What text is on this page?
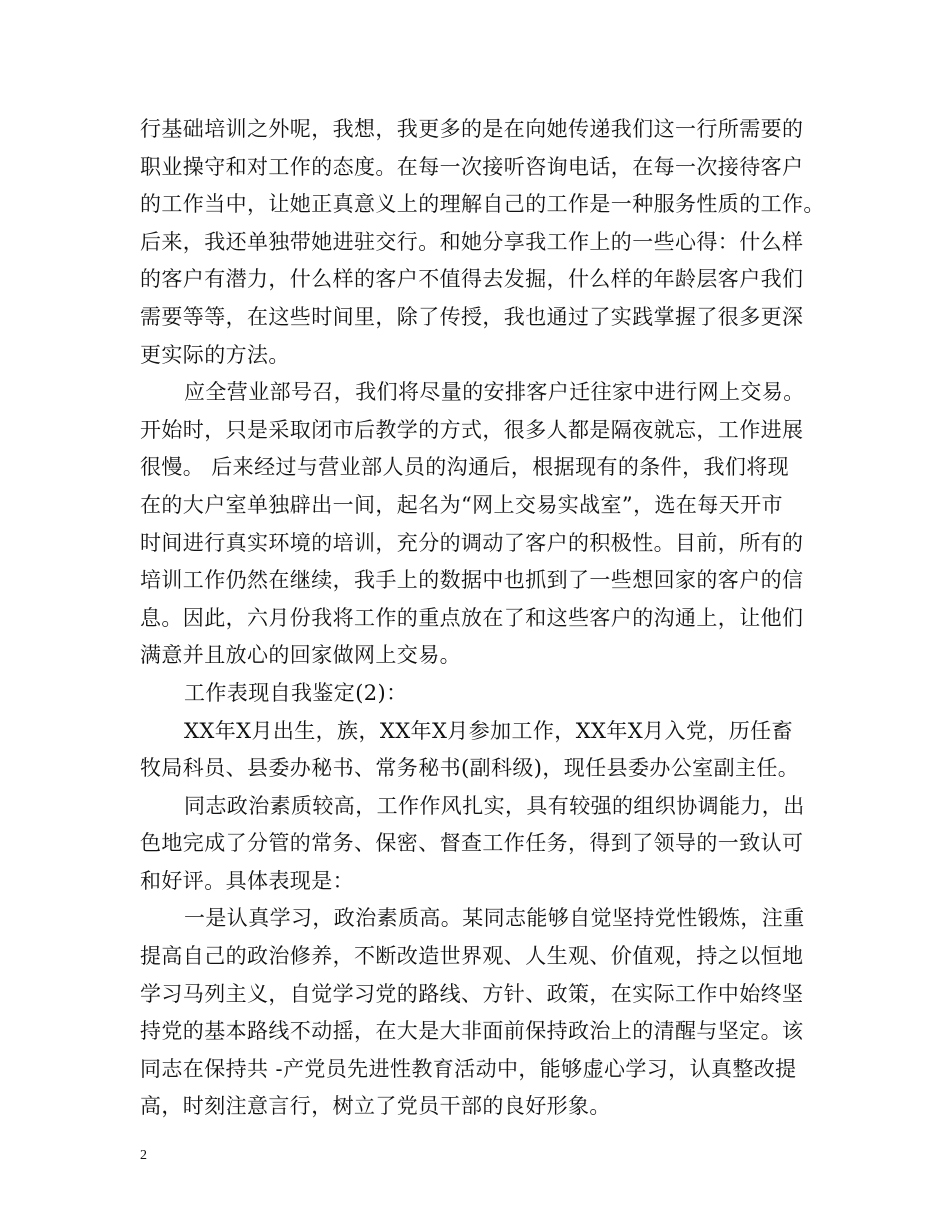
行基础培训之外呢，我想，我更多的是在向她传递我们这一行所需要的
职业操守和对工作的态度。在每一次接听咨询电话，在每一次接待客户
的工作当中，让她正真意义上的理解自己的工作是一种服务性质的工作。
后来，我还单独带她进驻交行。和她分享我工作上的一些心得：什么样
的客户有潜力，什么样的客户不值得去发掘，什么样的年龄层客户我们
需要等等，在这些时间里，除了传授，我也通过了实践掌握了很多更深
更实际的方法。
应全营业部号召，我们将尽量的安排客户迁往家中进行网上交易。
开始时，只是采取闭市后教学的方式，很多人都是隔夜就忘，工作进展
很慢。 后来经过与营业部人员的沟通后，根据现有的条件，我们将现
在的大户室单独辟出一间，起名为“网上交易实战室”，选在每天开市
时间进行真实环境的培训，充分的调动了客户的积极性。目前，所有的
培训工作仍然在继续，我手上的数据中也抓到了一些想回家的客户的信
息。因此，六月份我将工作的重点放在了和这些客户的沟通上，让他们
满意并且放心的回家做网上交易。
工作表现自我鉴定(2)：
XX年X月出生，族，XX年X月参加工作，XX年X月入党，历任畜
牧局科员、县委办秘书、常务秘书(副科级)，现任县委办公室副主任。
同志政治素质较高，工作作风扎实，具有较强的组织协调能力，出
色地完成了分管的常务、保密、督查工作任务，得到了领导的一致认可
和好评。具体表现是：
一是认真学习，政治素质高。某同志能够自觉坚持党性锻炼，注重
提高自己的政治修养，不断改造世界观、人生观、价值观，持之以恒地
学习马列主义，自觉学习党的路线、方针、政策，在实际工作中始终坚
持党的基本路线不动摇，在大是大非面前保持政治上的清醒与坚定。该
同志在保持共 -产党员先进性教育活动中，能够虚心学习，认真整改提
高，时刻注意言行，树立了党员干部的良好形象。
2
